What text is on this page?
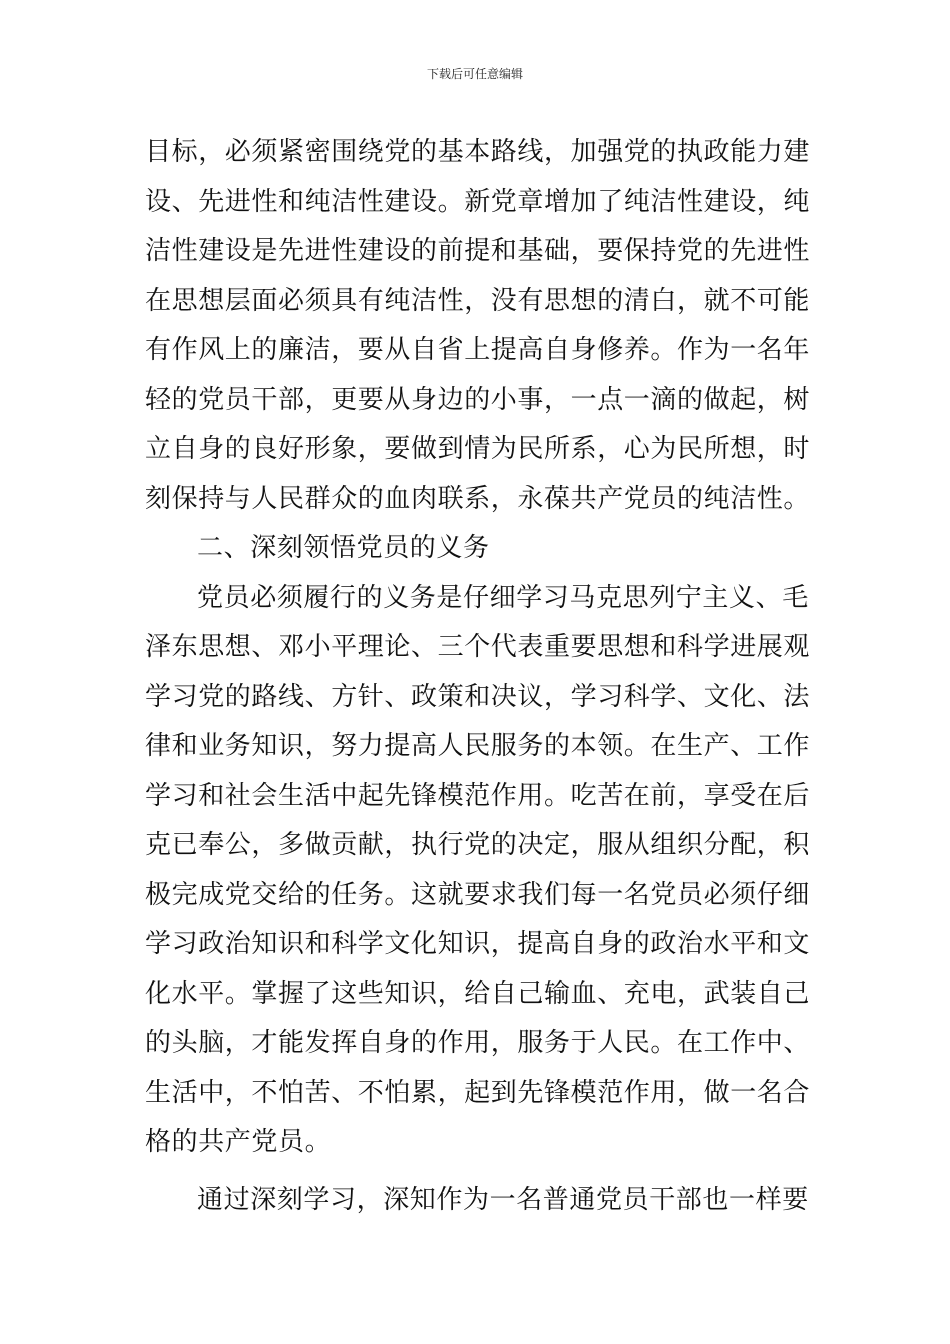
下载后可任意编辑
目标，必须紧密围绕党的基本路线，加强党的执政能力建
设、先进性和纯洁性建设。新党章增加了纯洁性建设，纯
洁性建设是先进性建设的前提和基础，要保持党的先进性
在思想层面必须具有纯洁性，没有思想的清白，就不可能
有作风上的廉洁，要从自省上提高自身修养。作为一名年
轻的党员干部，更要从身边的小事，一点一滴的做起，树
立自身的良好形象，要做到情为民所系，心为民所想，时
刻保持与人民群众的血肉联系，永葆共产党员的纯洁性。
二、深刻领悟党员的义务
党员必须履行的义务是仔细学习马克思列宁主义、毛
泽东思想、邓小平理论、三个代表重要思想和科学进展观
学习党的路线、方针、政策和决议，学习科学、文化、法
律和业务知识，努力提高人民服务的本领。在生产、工作
学习和社会生活中起先锋模范作用。吃苦在前，享受在后
克已奉公，多做贡献，执行党的决定，服从组织分配，积
极完成党交给的任务。这就要求我们每一名党员必须仔细
学习政治知识和科学文化知识，提高自身的政治水平和文
化水平。掌握了这些知识，给自己输血、充电，武装自己
的头脑，才能发挥自身的作用，服务于人民。在工作中、
生活中，不怕苦、不怕累，起到先锋模范作用，做一名合
格的共产党员。
通过深刻学习，深知作为一名普通党员干部也一样要
